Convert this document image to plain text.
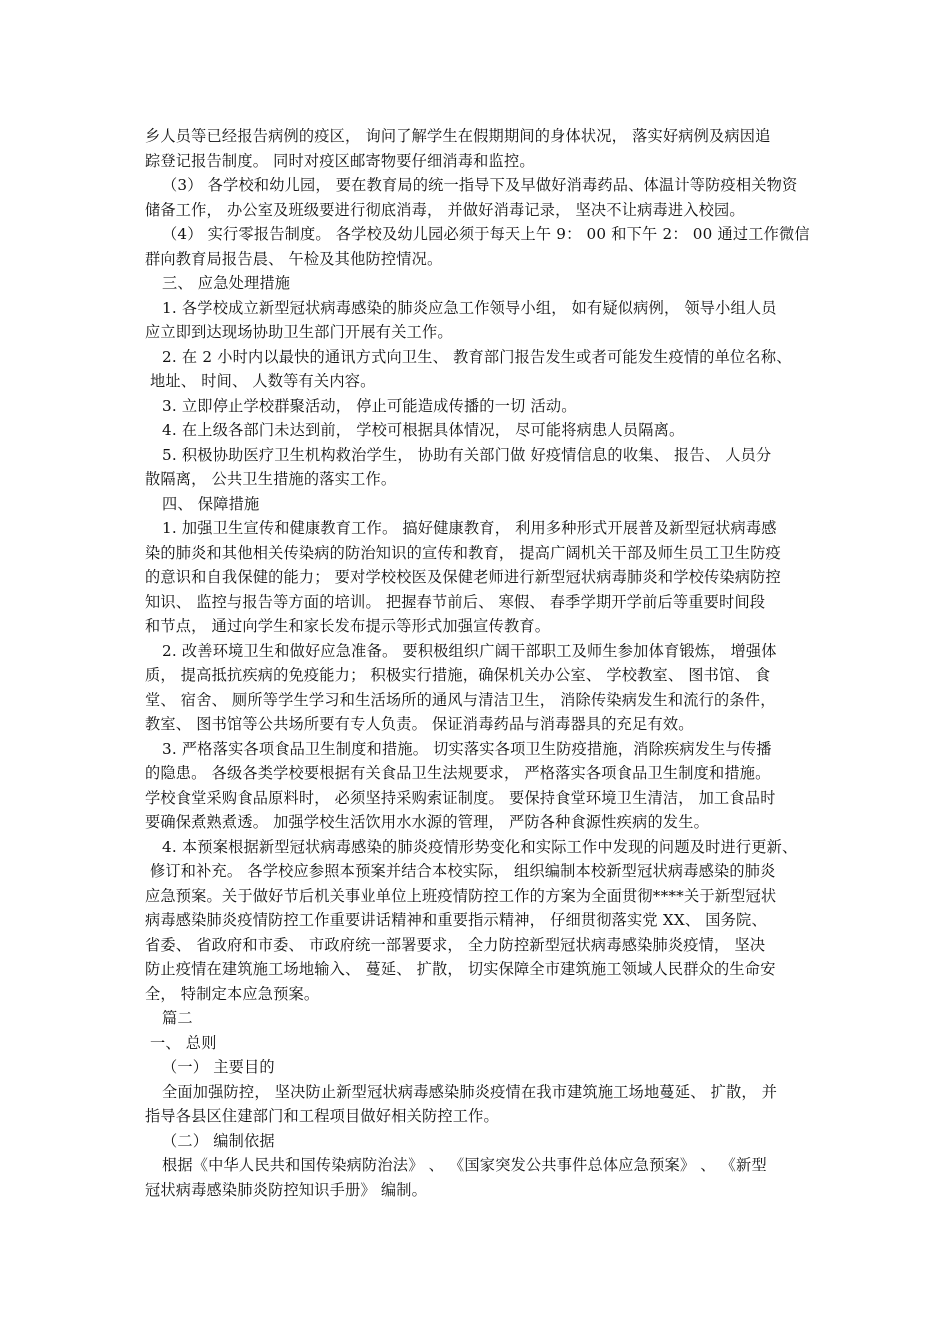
乡人员等已经报告病例的疫区， 询问了解学生在假期期间的身体状况， 落实好病例及病因追
踪登记报告制度。 同时对疫区邮寄物要仔细消毒和监控。
（3） 各学校和幼儿园， 要在教育局的统一指导下及早做好消毒药品、体温计等防疫相关物资
储备工作， 办公室及班级要进行彻底消毒， 并做好消毒记录， 坚决不让病毒进入校园。
（4） 实行零报告制度。 各学校及幼儿园必须于每天上午 9： 00 和下午 2： 00 通过工作微信
群向教育局报告晨、 午检及其他防控情况。
三、 应急处理措施
1. 各学校成立新型冠状病毒感染的肺炎应急工作领导小组， 如有疑似病例， 领导小组人员
应立即到达现场协助卫生部门开展有关工作。
2. 在 2 小时内以最快的通讯方式向卫生、 教育部门报告发生或者可能发生疫情的单位名称、
地址、 时间、 人数等有关内容。
3. 立即停止学校群聚活动， 停止可能造成传播的一切 活动。
4. 在上级各部门未达到前， 学校可根据具体情况， 尽可能将病患人员隔离。
5. 积极协助医疗卫生机构救治学生， 协助有关部门做 好疫情信息的收集、 报告、 人员分
散隔离， 公共卫生措施的落实工作。
四、 保障措施
1. 加强卫生宣传和健康教育工作。 搞好健康教育， 利用多种形式开展普及新型冠状病毒感
染的肺炎和其他相关传染病的防治知识的宣传和教育， 提高广阔机关干部及师生员工卫生防疫
的意识和自我保健的能力； 要对学校校医及保健老师进行新型冠状病毒肺炎和学校传染病防控
知识、 监控与报告等方面的培训。 把握春节前后、 寒假、 春季学期开学前后等重要时间段
和节点， 通过向学生和家长发布提示等形式加强宣传教育。
2. 改善环境卫生和做好应急准备。 要积极组织广阔干部职工及师生参加体育锻炼， 增强体
质， 提高抵抗疾病的免疫能力； 积极实行措施，确保机关办公室、 学校教室、 图书馆、 食
堂、 宿舍、 厕所等学生学习和生活场所的通风与清洁卫生， 消除传染病发生和流行的条件，
教室、 图书馆等公共场所要有专人负责。 保证消毒药品与消毒器具的充足有效。
3. 严格落实各项食品卫生制度和措施。 切实落实各项卫生防疫措施，消除疾病发生与传播
的隐患。 各级各类学校要根据有关食品卫生法规要求， 严格落实各项食品卫生制度和措施。
学校食堂采购食品原料时， 必须坚持采购索证制度。 要保持食堂环境卫生清洁， 加工食品时
要确保煮熟煮透。 加强学校生活饮用水水源的管理， 严防各种食源性疾病的发生。
4. 本预案根据新型冠状病毒感染的肺炎疫情形势变化和实际工作中发现的问题及时进行更新、
修订和补充。 各学校应参照本预案并结合本校实际， 组织编制本校新型冠状病毒感染的肺炎
应急预案。关于做好节后机关事业单位上班疫情防控工作的方案为全面贯彻****关于新型冠状
病毒感染肺炎疫情防控工作重要讲话精神和重要指示精神， 仔细贯彻落实党 XX、 国务院、
省委、 省政府和市委、 市政府统一部署要求， 全力防控新型冠状病毒感染肺炎疫情， 坚决
防止疫情在建筑施工场地输入、 蔓延、 扩散， 切实保障全市建筑施工领域人民群众的生命安
全， 特制定本应急预案。
篇二
一、 总则
（一） 主要目的
全面加强防控， 坚决防止新型冠状病毒感染肺炎疫情在我市建筑施工场地蔓延、 扩散， 并
指导各县区住建部门和工程项目做好相关防控工作。
（二） 编制依据
根据《中华人民共和国传染病防治法》 、 《国家突发公共事件总体应急预案》 、 《新型
冠状病毒感染肺炎防控知识手册》 编制。
